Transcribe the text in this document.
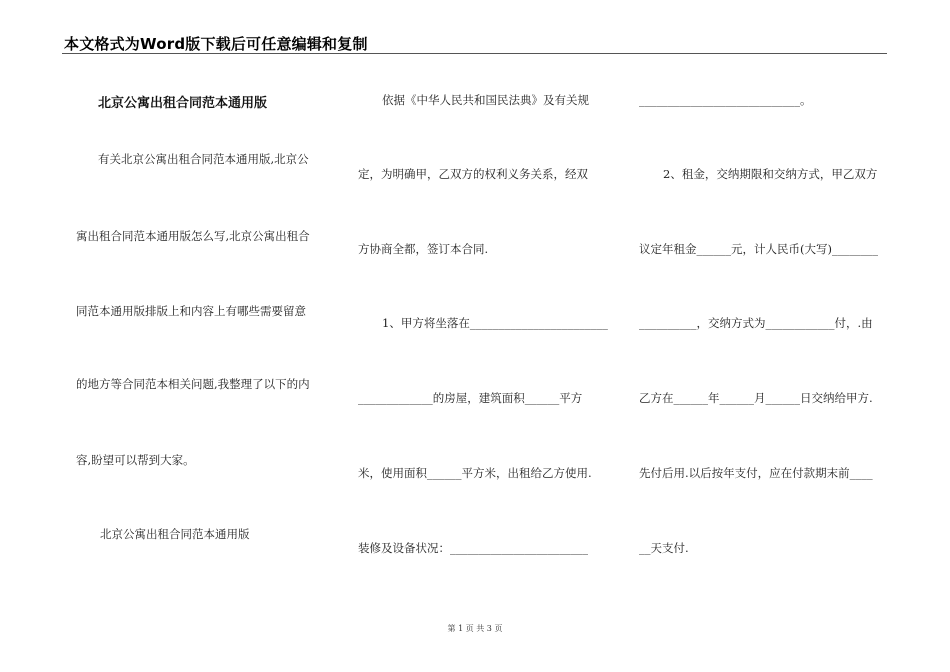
本文格式为Word版下载后可任意编辑和复制
北京公寓出租合同范本通用版
有关北京公寓出租合同范本通用版,北京公
寓出租合同范本通用版怎么写,北京公寓出租合
同范本通用版排版上和内容上有哪些需要留意
的地方等合同范本相关问题,我整理了以下的内
容,盼望可以帮到大家。
北京公寓出租合同范本通用版
依据《中华人民共和国民法典》及有关规
定，为明确甲，乙双方的权利义务关系，经双
方协商全都，签订本合同.
1、甲方将坐落在________________________
_____________的房屋，建筑面积______平方
米，使用面积______平方米，出租给乙方使用.
装修及设备状况：________________________
____________________________。
2、租金，交纳期限和交纳方式，甲乙双方
议定年租金______元，计人民币(大写)________
__________，交纳方式为____________付，.由
乙方在______年______月______日交纳给甲方.
先付后用.以后按年支付，应在付款期末前____
__天支付.
第 1 页 共 3 页
